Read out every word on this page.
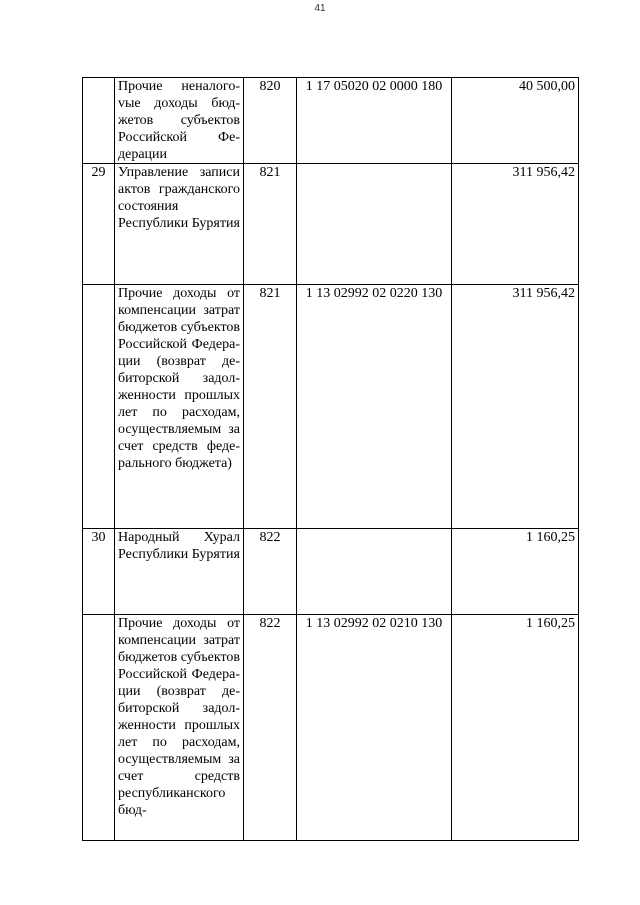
41

	Прочие неналогоvые доходы бюджетов субъектов Российской Федерации	820	1 17 05020 02 0000 180	40 500,00
29	Управление записи актов гражданского состояния Республики Бурятия	821		311 956,42

	Прочие доходы от компенсации затрат бюджетов субъектов Российской Федерации (возврат дебиторской задолженности прошлых лет по расходам, осуществляемым за счет средств федерального бюджета)	821	1 13 02992 02 0220 130	311 956,42
30	Народный Хурал Республики Бурятия	822		1 160,25

	Прочие доходы от компенсации затрат бюджетов субъектов Российской Федерации (возврат дебиторской задолженности прошлых лет по расходам, осуществляемым за счет средств республиканского бюд-	822	1 13 02992 02 0210 130	1 160,25
